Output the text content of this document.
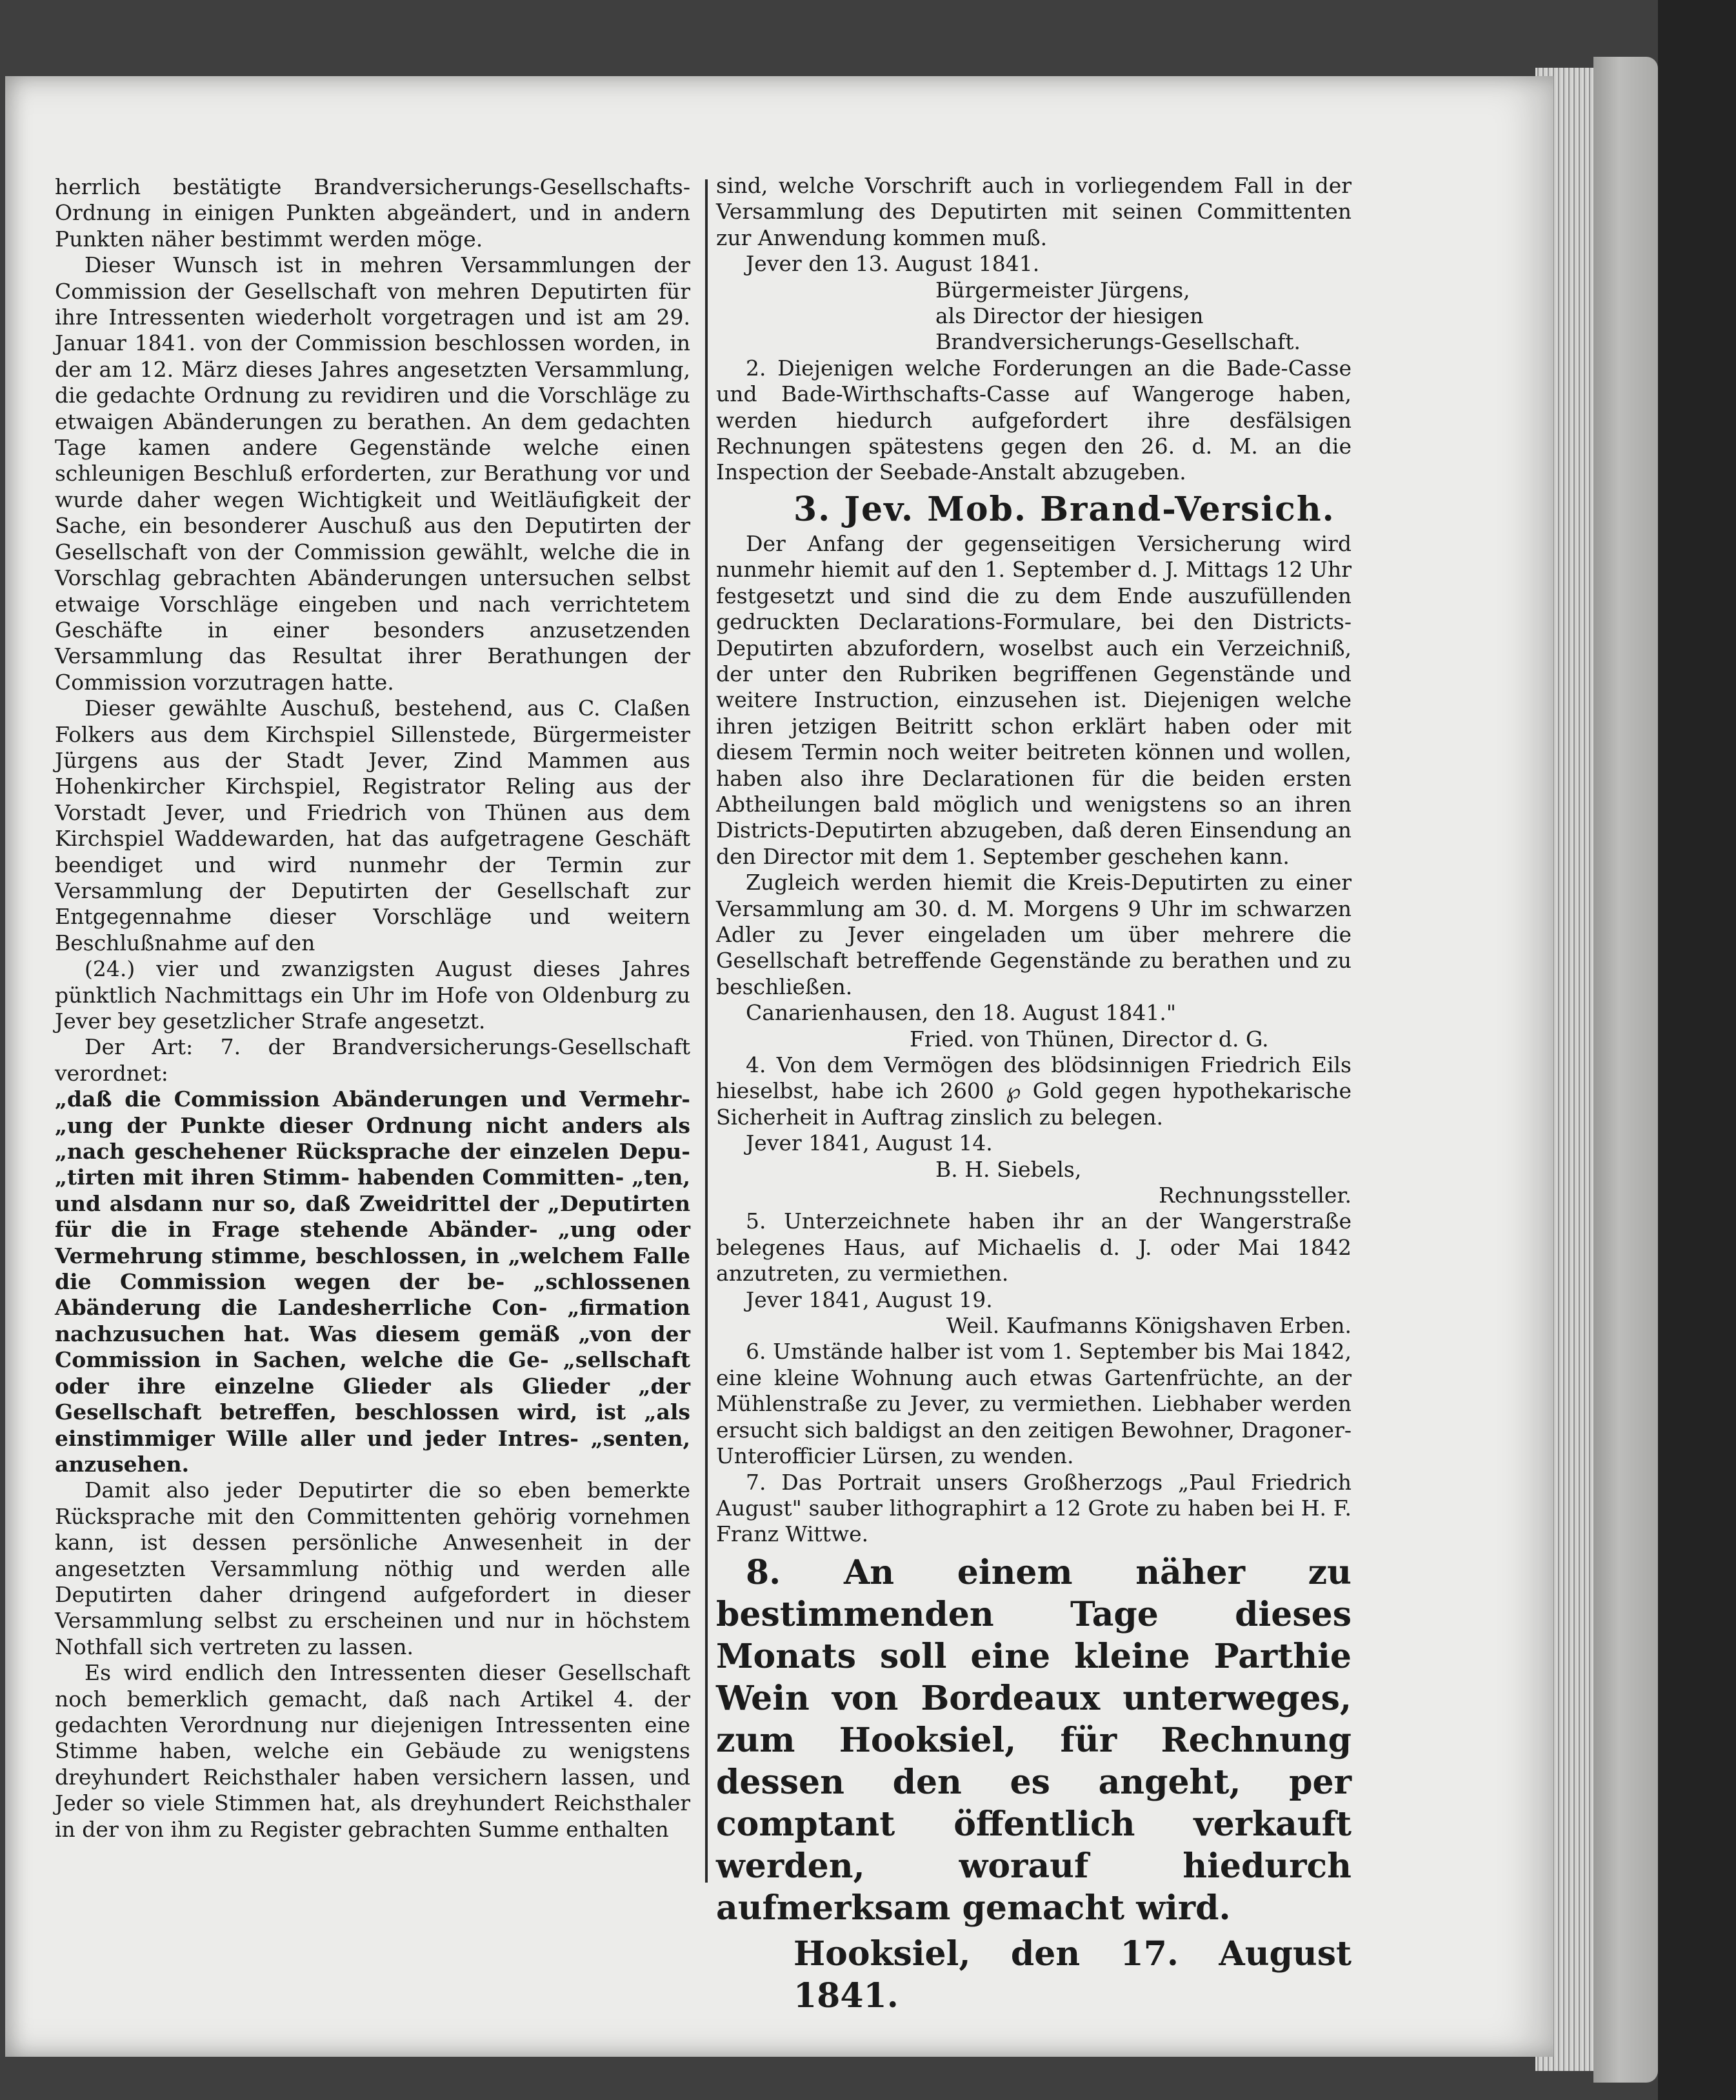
herrlich bestätigte Brandversicherungs-Gesellschafts-Ordnung in einigen Punkten abgeändert, und in andern Punkten näher bestimmt werden möge.

Dieser Wunsch ist in mehren Versammlungen der Commission der Gesellschaft von mehren Deputirten für ihre Intressenten wiederholt vorgetragen und ist am 29. Januar 1841. von der Commission beschlossen worden, in der am 12. März dieses Jahres angesetzten Versammlung, die gedachte Ordnung zu revidiren und die Vorschläge zu etwaigen Abänderungen zu berathen. An dem gedachten Tage kamen andere Gegenstände welche einen schleunigen Beschluß erforderten, zur Berathung vor und wurde daher wegen Wichtigkeit und Weitläufigkeit der Sache, ein besonderer Auschuß aus den Deputirten der Gesellschaft von der Commission gewählt, welche die in Vorschlag gebrachten Abänderungen untersuchen selbst etwaige Vorschläge eingeben und nach verrichtetem Geschäfte in einer besonders anzusetzenden Versammlung das Resultat ihrer Berathungen der Commission vorzutragen hatte.

Dieser gewählte Auschuß, bestehend, aus C. Claßen Folkers aus dem Kirchspiel Sillenstede, Bürgermeister Jürgens aus der Stadt Jever, Zind Mammen aus Hohenkircher Kirchspiel, Registrator Reling aus der Vorstadt Jever, und Friedrich von Thünen aus dem Kirchspiel Waddewarden, hat das aufgetragene Geschäft beendiget und wird nunmehr der Termin zur Versammlung der Deputirten der Gesellschaft zur Entgegennahme dieser Vorschläge und weitern Beschlußnahme auf den

(24.) vier und zwanzigsten August dieses Jahres pünktlich Nachmittags ein Uhr im Hofe von Oldenburg zu Jever bey gesetzlicher Strafe angesetzt.

Der Art: 7. der Brandversicherungs-Gesellschaft verordnet:

„daß die Commission Abänderungen und Vermehr- „ung der Punkte dieser Ordnung nicht anders als „nach geschehener Rücksprache der einzelen Depu- „tirten mit ihren Stimm- habenden Committen- „ten, und alsdann nur so, daß Zweidrittel der „Deputirten für die in Frage stehende Abänder- „ung oder Vermehrung stimme, beschlossen, in „welchem Falle die Commission wegen der be- „schlossenen Abänderung die Landesherrliche Con- „firmation nachzusuchen hat. Was diesem gemäß „von der Commission in Sachen, welche die Ge- „sellschaft oder ihre einzelne Glieder als Glieder „der Gesellschaft betreffen, beschlossen wird, ist „als einstimmiger Wille aller und jeder Intres- „senten, anzusehen.

Damit also jeder Deputirter die so eben bemerkte Rücksprache mit den Committenten gehörig vornehmen kann, ist dessen persönliche Anwesenheit in der angesetzten Versammlung nöthig und werden alle Deputirten daher dringend aufgefordert in dieser Versammlung selbst zu erscheinen und nur in höchstem Nothfall sich vertreten zu lassen.

Es wird endlich den Intressenten dieser Gesellschaft noch bemerklich gemacht, daß nach Artikel 4. der gedachten Verordnung nur diejenigen Intressenten eine Stimme haben, welche ein Gebäude zu wenigstens dreyhundert Reichsthaler haben versichern lassen, und Jeder so viele Stimmen hat, als dreyhundert Reichsthaler in der von ihm zu Register gebrachten Summe enthalten

sind, welche Vorschrift auch in vorliegendem Fall in der Versammlung des Deputirten mit seinen Committenten zur Anwendung kommen muß.

Jever den 13. August 1841.

Bürgermeister Jürgens,

als Director der hiesigen

Brandversicherungs-Gesellschaft.

2. Diejenigen welche Forderungen an die Bade-Casse und Bade-Wirthschafts-Casse auf Wangeroge haben, werden hiedurch aufgefordert ihre desfälsigen Rechnungen spätestens gegen den 26. d. M. an die Inspection der Seebade-Anstalt abzugeben.

3. Jev. Mob. Brand-Versich.

Der Anfang der gegenseitigen Versicherung wird nunmehr hiemit auf den 1. September d. J. Mittags 12 Uhr festgesetzt und sind die zu dem Ende auszufüllenden gedruckten Declarations-Formulare, bei den Districts-Deputirten abzufordern, woselbst auch ein Verzeichniß, der unter den Rubriken begriffenen Gegenstände und weitere Instruction, einzusehen ist. Diejenigen welche ihren jetzigen Beitritt schon erklärt haben oder mit diesem Termin noch weiter beitreten können und wollen, haben also ihre Declarationen für die beiden ersten Abtheilungen bald möglich und wenigstens so an ihren Districts-Deputirten abzugeben, daß deren Einsendung an den Director mit dem 1. September geschehen kann.

Zugleich werden hiemit die Kreis-Deputirten zu einer Versammlung am 30. d. M. Morgens 9 Uhr im schwarzen Adler zu Jever eingeladen um über mehrere die Gesellschaft betreffende Gegenstände zu berathen und zu beschließen.

Canarienhausen, den 18. August 1841."

Fried. von Thünen, Director d. G.

4. Von dem Vermögen des blödsinnigen Friedrich Eils hieselbst, habe ich 2600 ℘ Gold gegen hypothekarische Sicherheit in Auftrag zinslich zu belegen.

Jever 1841, August 14.

B. H. Siebels,

Rechnungssteller.

5. Unterzeichnete haben ihr an der Wangerstraße belegenes Haus, auf Michaelis d. J. oder Mai 1842 anzutreten, zu vermiethen.

Jever 1841, August 19.

Weil. Kaufmanns Königshaven Erben.

6. Umstände halber ist vom 1. September bis Mai 1842, eine kleine Wohnung auch etwas Gartenfrüchte, an der Mühlenstraße zu Jever, zu vermiethen. Liebhaber werden ersucht sich baldigst an den zeitigen Bewohner, Dragoner-Unterofficier Lürsen, zu wenden.

7. Das Portrait unsers Großherzogs „Paul Friedrich August" sauber lithographirt a 12 Grote zu haben bei H. F. Franz Wittwe.

8. An einem näher zu bestimmenden Tage dieses Monats soll eine kleine Parthie Wein von Bordeaux unterweges, zum Hooksiel, für Rechnung dessen den es angeht, per comptant öffentlich verkauft werden, worauf hiedurch aufmerksam gemacht wird.

Hooksiel, den 17. August 1841.
